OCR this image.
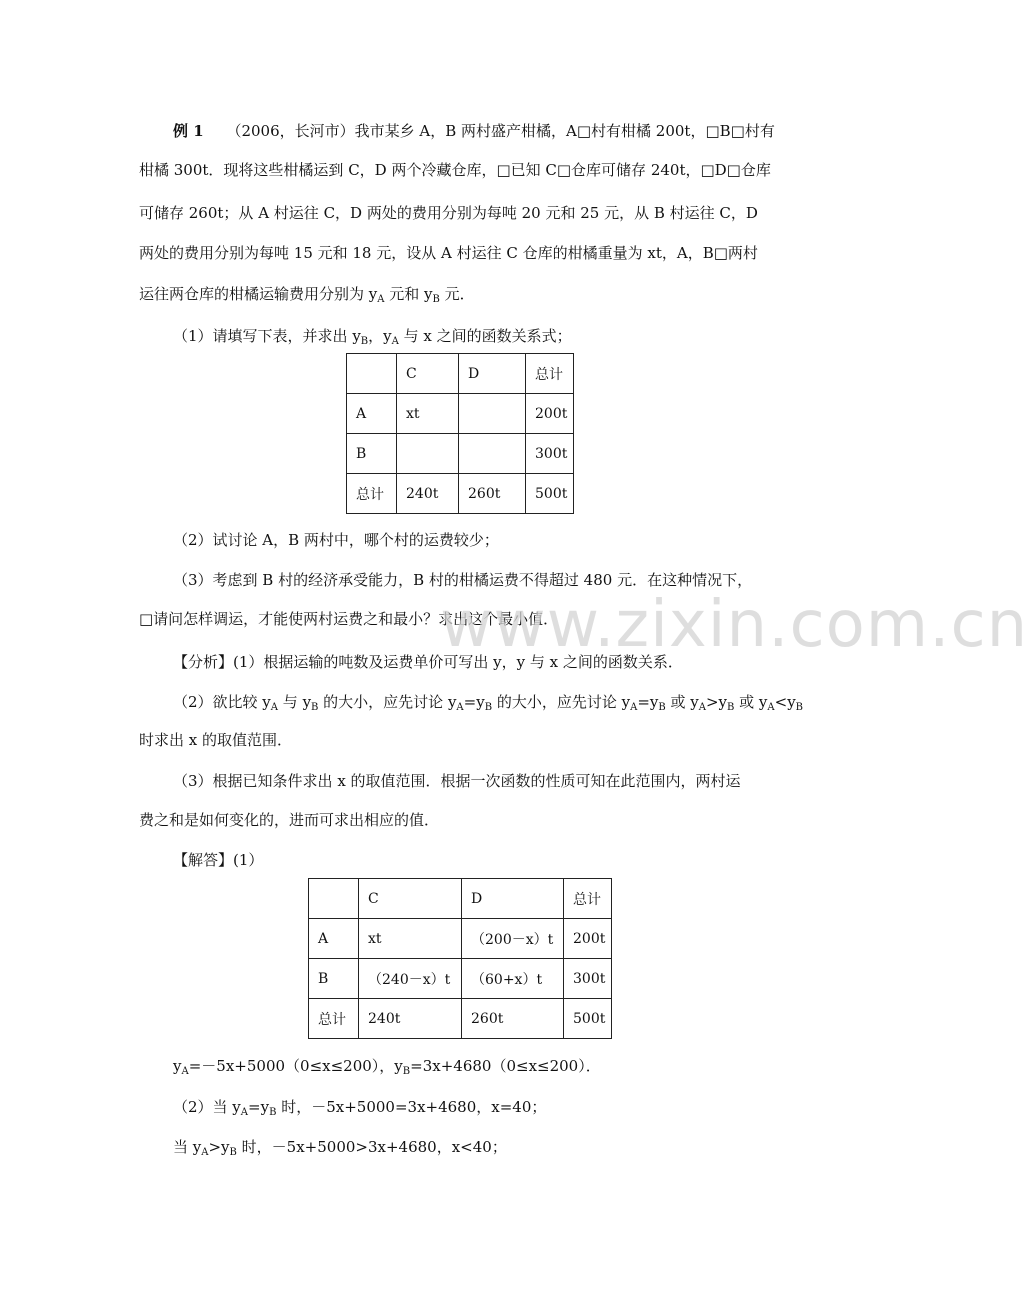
例 1 （2006，长河市）我市某乡 A，B 两村盛产柑橘，A□村有柑橘 200t，□B□村有
柑橘 300t．现将这些柑橘运到 C，D 两个冷藏仓库，□已知 C□仓库可储存 240t，□D□仓库
可储存 260t；从 A 村运往 C，D 两处的费用分别为每吨 20 元和 25 元，从 B 村运往 C，D
两处的费用分别为每吨 15 元和 18 元，设从 A 村运往 C 仓库的柑橘重量为 xt，A，B□两村
运往两仓库的柑橘运输费用分别为 $y_A$ 元和 $y_B$ 元．
（1）请填写下表，并求出 $y_B$，$y_A$ 与 x 之间的函数关系式；
	C	D	总计
A	xt		200t
B			300t
总计	240t	260t	500t
（2）试讨论 A，B 两村中，哪个村的运费较少；
（3）考虑到 B 村的经济承受能力，B 村的柑橘运费不得超过 480 元．在这种情况下，
□请问怎样调运，才能使两村运费之和最小？求出这个最小值．
www.zixin.com.cn
【分析】(1）根据运输的吨数及运费单价可写出 y，y 与 x 之间的函数关系．
（2）欲比较 $y_A$ 与 $y_B$ 的大小，应先讨论 $y_A=y_B$ 的大小，应先讨论 $y_A=y_B$ 或 $y_A>y_B$ 或 $y_A<y_B$
时求出 x 的取值范围．
（3）根据已知条件求出 x 的取值范围．根据一次函数的性质可知在此范围内，两村运
费之和是如何变化的，进而可求出相应的值．
【解答】(1）
	C	D	总计
A	xt	（200－x）t	200t
B	（240－x）t	（60+x）t	300t
总计	240t	260t	500t
$y_A=-5x+5000(0\le x\le 200)$，$y_B=3x+4680(0\le x\le 200)$．
（2）当 $y_A=y_B$ 时，－5x+5000=3x+4680，x=40；
当 $y_A>y_B$ 时，－5x+5000>3x+4680，x<40；
